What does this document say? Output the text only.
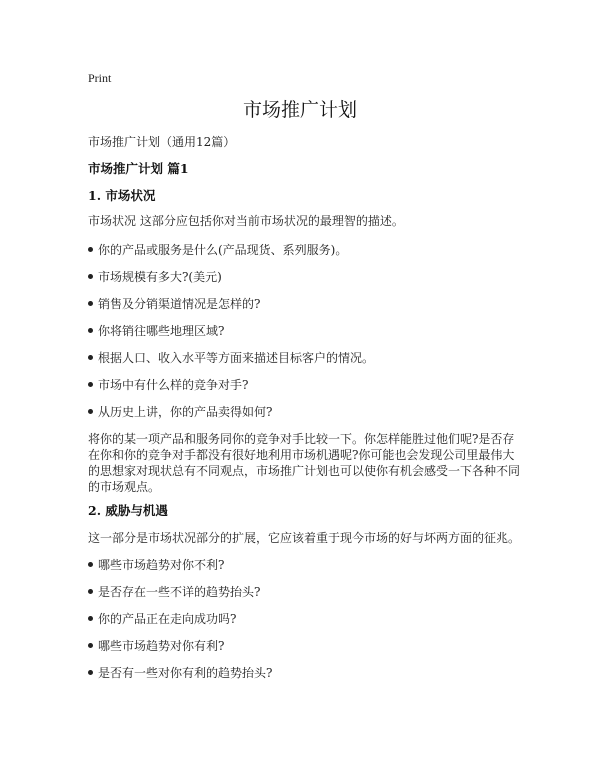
Print
市场推广计划
市场推广计划（通用12篇）
市场推广计划 篇1
1. 市场状况
市场状况 这部分应包括你对当前市场状况的最理智的描述。
你的产品或服务是什么(产品现货、系列服务)。
市场规模有多大?(美元)
销售及分销渠道情况是怎样的?
你将销往哪些地理区域?
根据人口、收入水平等方面来描述目标客户的情况。
市场中有什么样的竞争对手?
从历史上讲，你的产品卖得如何?
将你的某一项产品和服务同你的竞争对手比较一下。你怎样能胜过他们呢?是否存
在你和你的竞争对手都没有很好地利用市场机遇呢?你可能也会发现公司里最伟大
的思想家对现状总有不同观点，市场推广计划也可以使你有机会感受一下各种不同
的市场观点。
2. 威胁与机遇
这一部分是市场状况部分的扩展，它应该着重于现今市场的好与坏两方面的征兆。
哪些市场趋势对你不利?
是否存在一些不详的趋势抬头?
你的产品正在走向成功吗?
哪些市场趋势对你有利?
是否有一些对你有利的趋势抬头?
